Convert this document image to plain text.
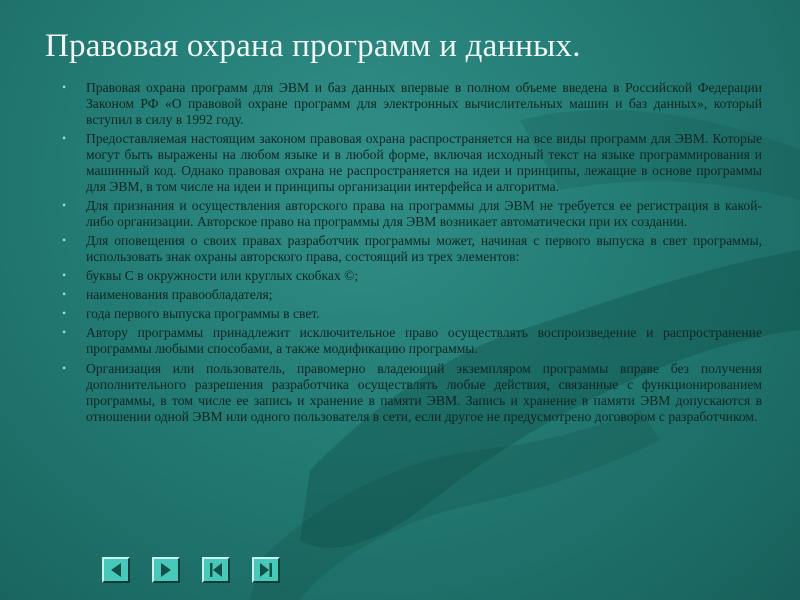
Правовая охрана программ и данных.
• Правовая охрана программ для ЭВМ и баз данных впервые в полном объеме введена в Российской Федерации Законом РФ «О правовой охране программ для электронных вычислительных машин и баз данных», который вступил в силу в 1992 году.
• Предоставляемая настоящим законом правовая охрана распространяется на все виды программ для ЭВМ. Которые могут быть выражены на любом языке и в любой форме, включая исходный текст на языке программирования и машинный код. Однако правовая охрана не распространяется на идеи и принципы, лежащие в основе программы для ЭВМ, в том числе на идеи и принципы организации интерфейса и алгоритма.
• Для признания и осуществления авторского права на программы для ЭВМ не требуется ее регистрация в какой-либо организации. Авторское право на программы для ЭВМ возникает автоматически при их создании.
• Для оповещения о своих правах разработчик программы может, начиная с первого выпуска в свет программы, использовать знак охраны авторского права, состоящий из трех элементов:
• буквы С в окружности или круглых скобках ©;
• наименования правообладателя;
• года первого выпуска программы в свет.
• Автору программы принадлежит исключительное право осуществлять воспроизведение и распространение программы любыми способами, а также модификацию программы.
• Организация или пользователь, правомерно владеющий экземпляром программы вправе без получения дополнительного разрешения разработчика осуществлять любые действия, связанные с функционированием программы, в том числе ее запись и хранение в памяти ЭВМ. Запись и хранение в памяти ЭВМ допускаются в отношении одной ЭВМ или одного пользователя в сети, если другое не предусмотрено договором с разработчиком.
